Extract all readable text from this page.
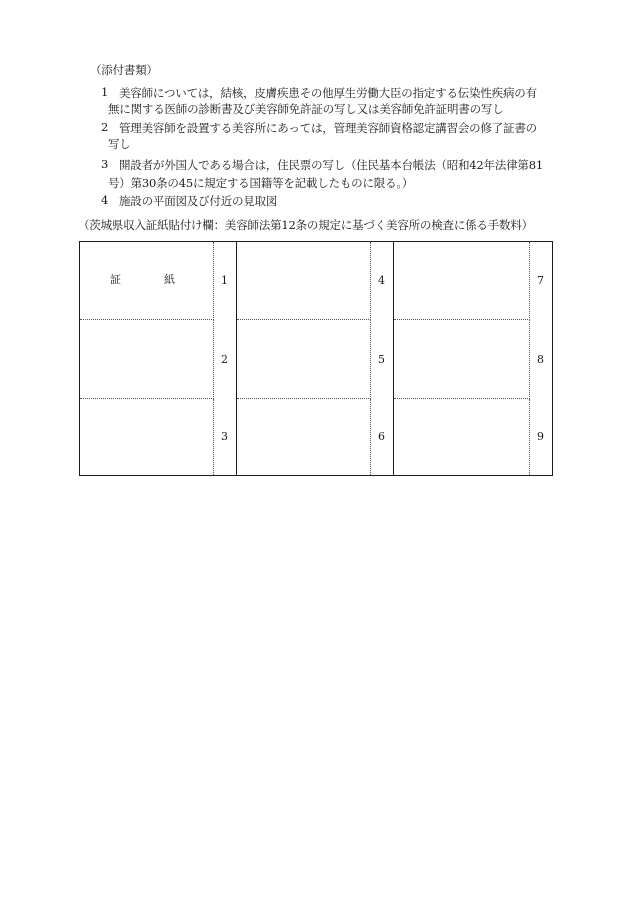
（添付書類）
1 美容師については，結核，皮膚疾患その他厚生労働大臣の指定する伝染性疾病の有
無に関する医師の診断書及び美容師免許証の写し又は美容師免許証明書の写し
2 管理美容師を設置する美容所にあっては，管理美容師資格認定講習会の修了証書の
写し
3 開設者が外国人である場合は，住民票の写し（住民基本台帳法（昭和42年法律第81
号）第30条の45に規定する国籍等を記載したものに限る。）
4 施設の平面図及び付近の見取図
（茨城県収入証紙貼付け欄：美容師法第12条の規定に基づく美容所の検査に係る手数料）
証 紙	1		4		7
	2		5		8
	3		6		9
